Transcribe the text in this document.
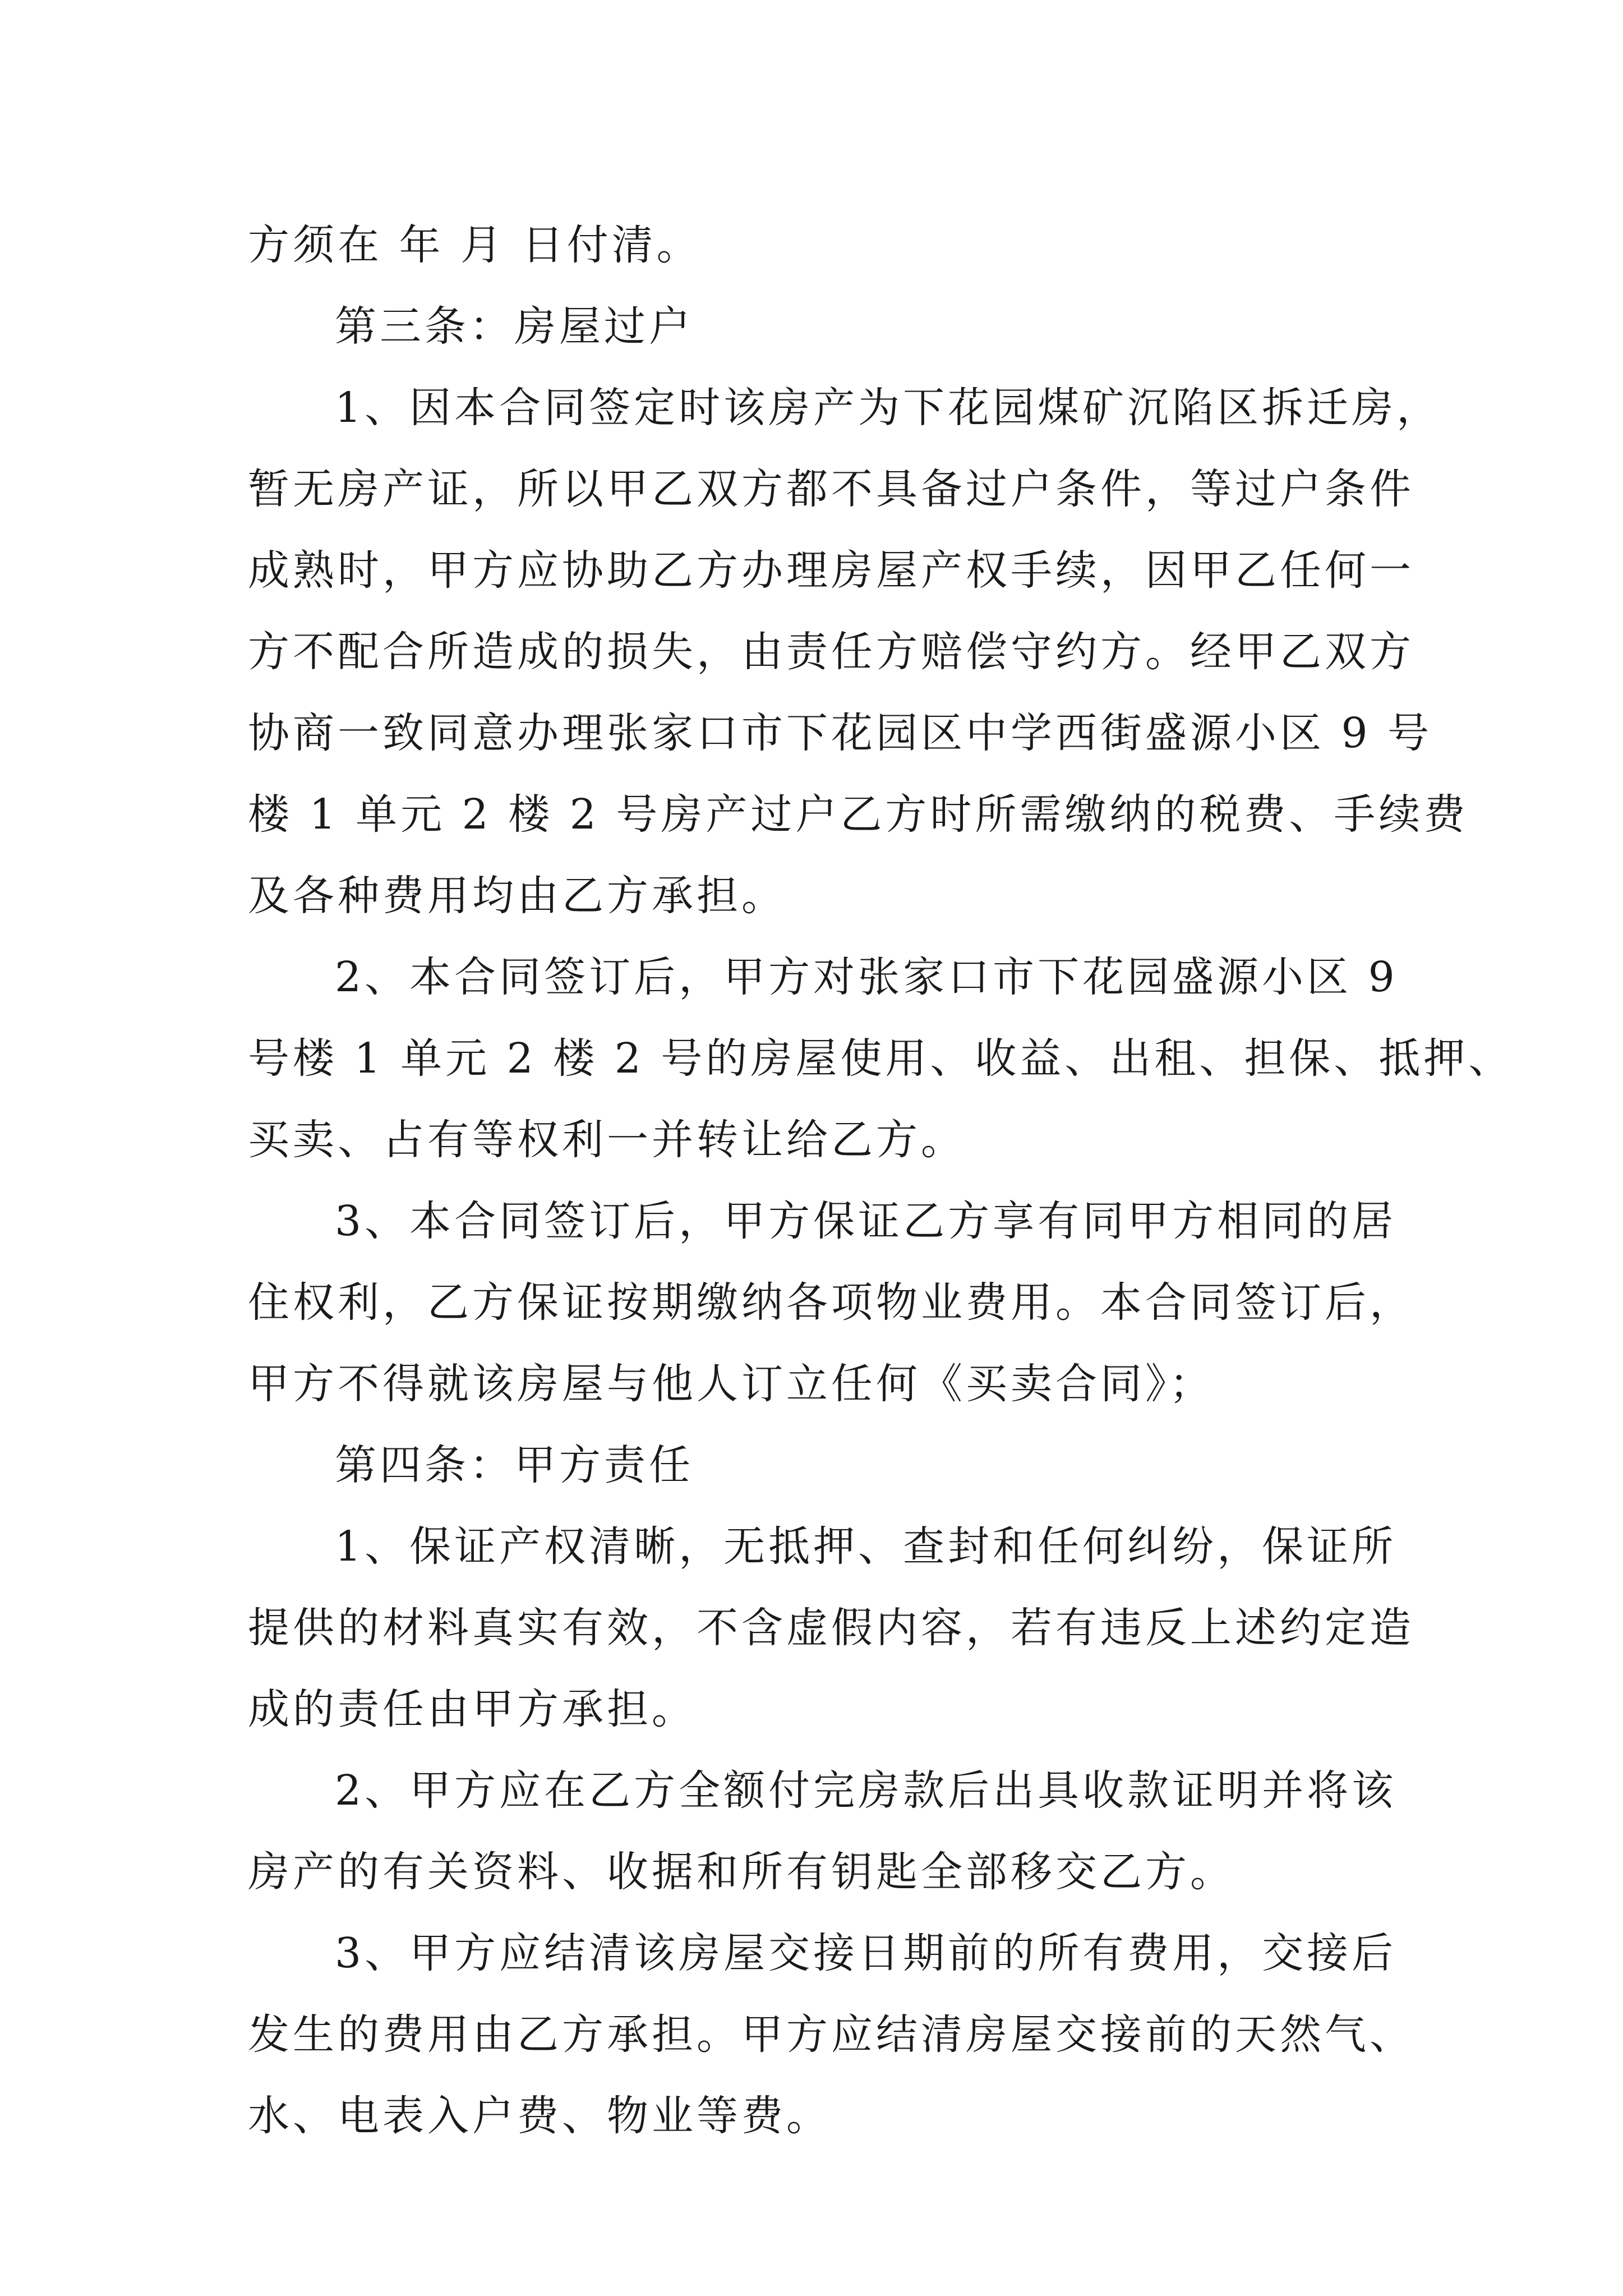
方须在 年 月 日付清。
第三条：房屋过户
1、因本合同签定时该房产为下花园煤矿沉陷区拆迁房，
暂无房产证，所以甲乙双方都不具备过户条件，等过户条件
成熟时，甲方应协助乙方办理房屋产权手续，因甲乙任何一
方不配合所造成的损失，由责任方赔偿守约方。经甲乙双方
协商一致同意办理张家口市下花园区中学西街盛源小区 9 号
楼 1 单元 2 楼 2 号房产过户乙方时所需缴纳的税费、手续费
及各种费用均由乙方承担。
2、本合同签订后，甲方对张家口市下花园盛源小区 9
号楼 1 单元 2 楼 2 号的房屋使用、收益、出租、担保、抵押、
买卖、占有等权利一并转让给乙方。
3、本合同签订后，甲方保证乙方享有同甲方相同的居
住权利，乙方保证按期缴纳各项物业费用。本合同签订后，
甲方不得就该房屋与他人订立任何《买卖合同》；
第四条：甲方责任
1、保证产权清晰，无抵押、查封和任何纠纷，保证所
提供的材料真实有效，不含虚假内容，若有违反上述约定造
成的责任由甲方承担。
2、甲方应在乙方全额付完房款后出具收款证明并将该
房产的有关资料、收据和所有钥匙全部移交乙方。
3、甲方应结清该房屋交接日期前的所有费用，交接后
发生的费用由乙方承担。甲方应结清房屋交接前的天然气、
水、电表入户费、物业等费。
